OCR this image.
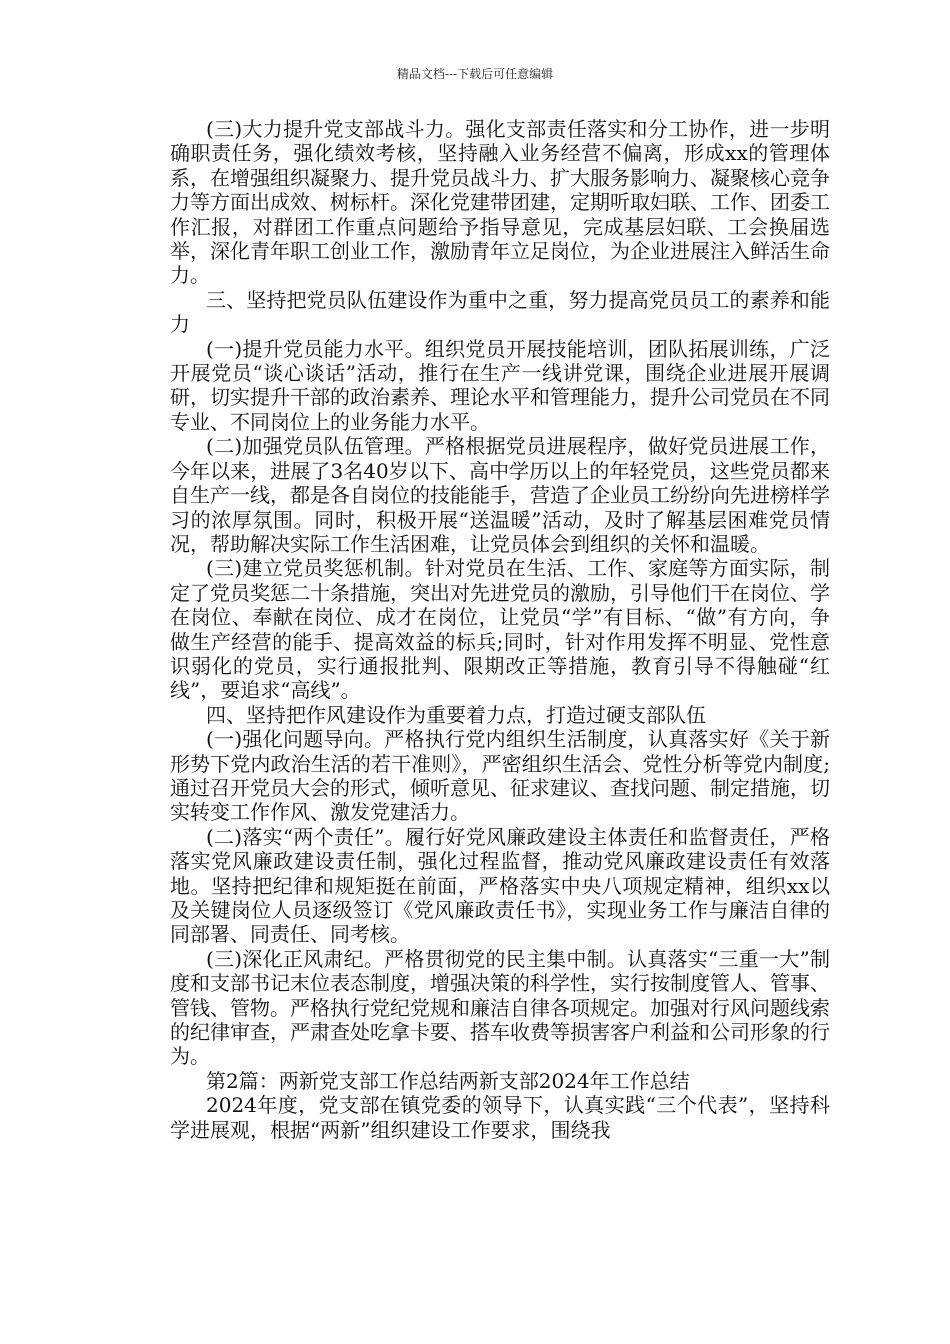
精品文档---下载后可任意编辑

(三)大力提升党支部战斗力。强化支部责任落实和分工协作，进一步明确职责任务，强化绩效考核，坚持融入业务经营不偏离，形成xx的管理体系，在增强组织凝聚力、提升党员战斗力、扩大服务影响力、凝聚核心竞争力等方面出成效、树标杆。深化党建带团建，定期听取妇联、工作、团委工作汇报，对群团工作重点问题给予指导意见，完成基层妇联、工会换届选举，深化青年职工创业工作，激励青年立足岗位，为企业进展注入鲜活生命力。

三、坚持把党员队伍建设作为重中之重，努力提高党员员工的素养和能力

(一)提升党员能力水平。组织党员开展技能培训，团队拓展训练，广泛开展党员“谈心谈话”活动，推行在生产一线讲党课，围绕企业进展开展调研，切实提升干部的政治素养、理论水平和管理能力，提升公司党员在不同专业、不同岗位上的业务能力水平。

(二)加强党员队伍管理。严格根据党员进展程序，做好党员进展工作，今年以来，进展了3名40岁以下、高中学历以上的年轻党员，这些党员都来自生产一线，都是各自岗位的技能能手，营造了企业员工纷纷向先进榜样学习的浓厚氛围。同时，积极开展“送温暖”活动，及时了解基层困难党员情况，帮助解决实际工作生活困难，让党员体会到组织的关怀和温暖。

(三)建立党员奖惩机制。针对党员在生活、工作、家庭等方面实际，制定了党员奖惩二十条措施，突出对先进党员的激励，引导他们干在岗位、学在岗位、奉献在岗位、成才在岗位，让党员“学”有目标、“做”有方向，争做生产经营的能手、提高效益的标兵;同时，针对作用发挥不明显、党性意识弱化的党员，实行通报批判、限期改正等措施，教育引导不得触碰“红线”，要追求“高线”。

四、坚持把作风建设作为重要着力点，打造过硬支部队伍

(一)强化问题导向。严格执行党内组织生活制度，认真落实好《关于新形势下党内政治生活的若干准则》，严密组织生活会、党性分析等党内制度;通过召开党员大会的形式，倾听意见、征求建议、查找问题、制定措施，切实转变工作作风、激发党建活力。

(二)落实“两个责任”。履行好党风廉政建设主体责任和监督责任，严格落实党风廉政建设责任制，强化过程监督，推动党风廉政建设责任有效落地。坚持把纪律和规矩挺在前面，严格落实中央八项规定精神，组织xx以及关键岗位人员逐级签订《党风廉政责任书》，实现业务工作与廉洁自律的同部署、同责任、同考核。

(三)深化正风肃纪。严格贯彻党的民主集中制。认真落实“三重一大”制度和支部书记末位表态制度，增强决策的科学性，实行按制度管人、管事、管钱、管物。严格执行党纪党规和廉洁自律各项规定。加强对行风问题线索的纪律审查，严肃查处吃拿卡要、搭车收费等损害客户利益和公司形象的行为。

第2篇：两新党支部工作总结两新支部2024年工作总结

2024年度，党支部在镇党委的领导下，认真实践“三个代表”，坚持科学进展观，根据“两新”组织建设工作要求，围绕我
